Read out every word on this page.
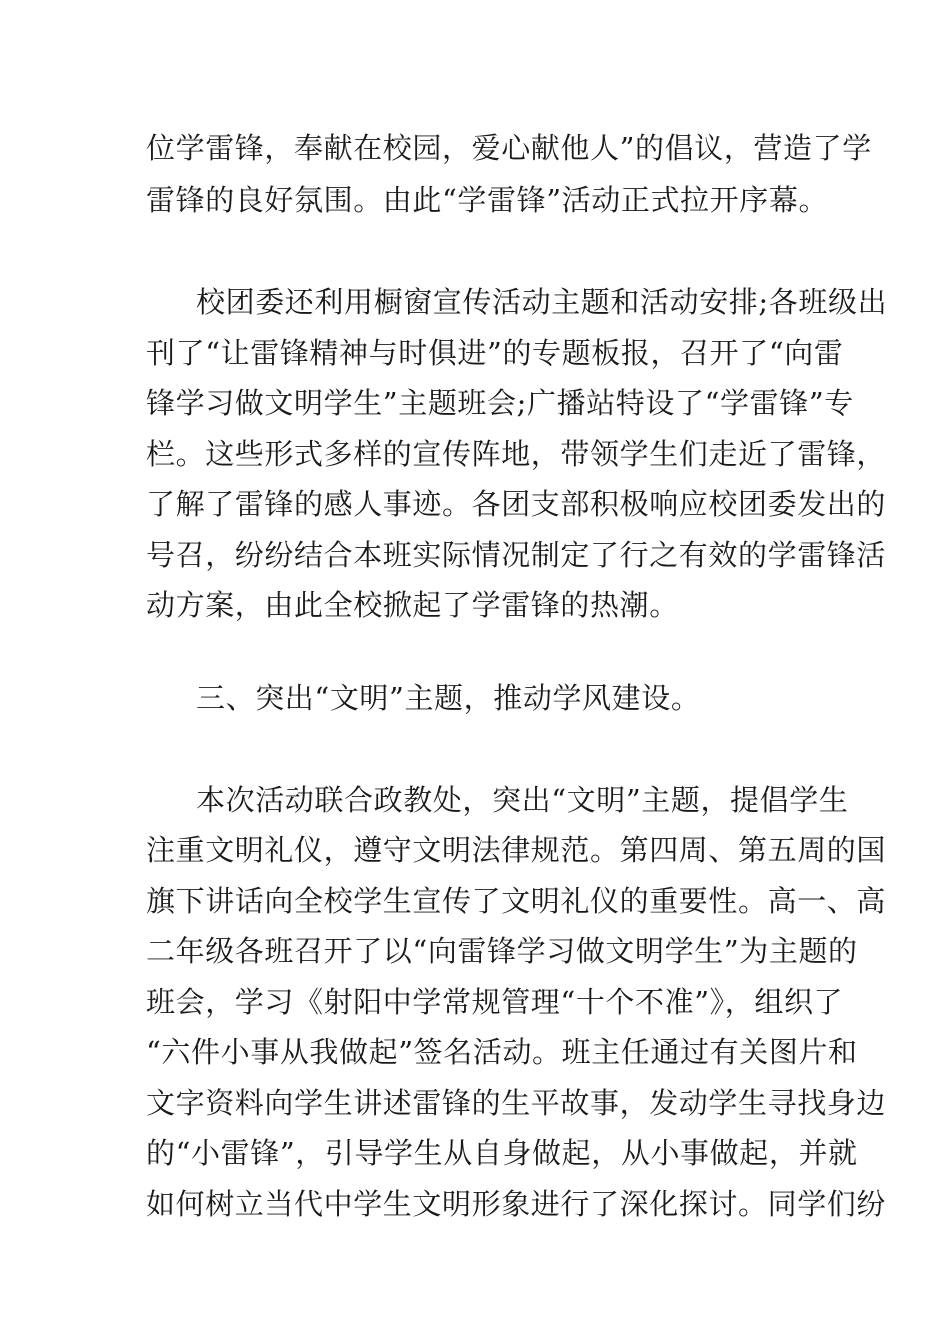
位学雷锋，奉献在校园，爱心献他人”的倡议，营造了学
雷锋的良好氛围。由此“学雷锋”活动正式拉开序幕。
校团委还利用橱窗宣传活动主题和活动安排;各班级出
刊了“让雷锋精神与时俱进”的专题板报，召开了“向雷
锋学习做文明学生”主题班会;广播站特设了“学雷锋”专
栏。这些形式多样的宣传阵地，带领学生们走近了雷锋，
了解了雷锋的感人事迹。各团支部积极响应校团委发出的
号召，纷纷结合本班实际情况制定了行之有效的学雷锋活
动方案，由此全校掀起了学雷锋的热潮。
三、突出“文明”主题，推动学风建设。
本次活动联合政教处，突出“文明”主题，提倡学生
注重文明礼仪，遵守文明法律规范。第四周、第五周的国
旗下讲话向全校学生宣传了文明礼仪的重要性。高一、高
二年级各班召开了以“向雷锋学习做文明学生”为主题的
班会，学习《射阳中学常规管理“十个不准”》，组织了
“六件小事从我做起”签名活动。班主任通过有关图片和
文字资料向学生讲述雷锋的生平故事，发动学生寻找身边
的“小雷锋”，引导学生从自身做起，从小事做起，并就
如何树立当代中学生文明形象进行了深化探讨。同学们纷
